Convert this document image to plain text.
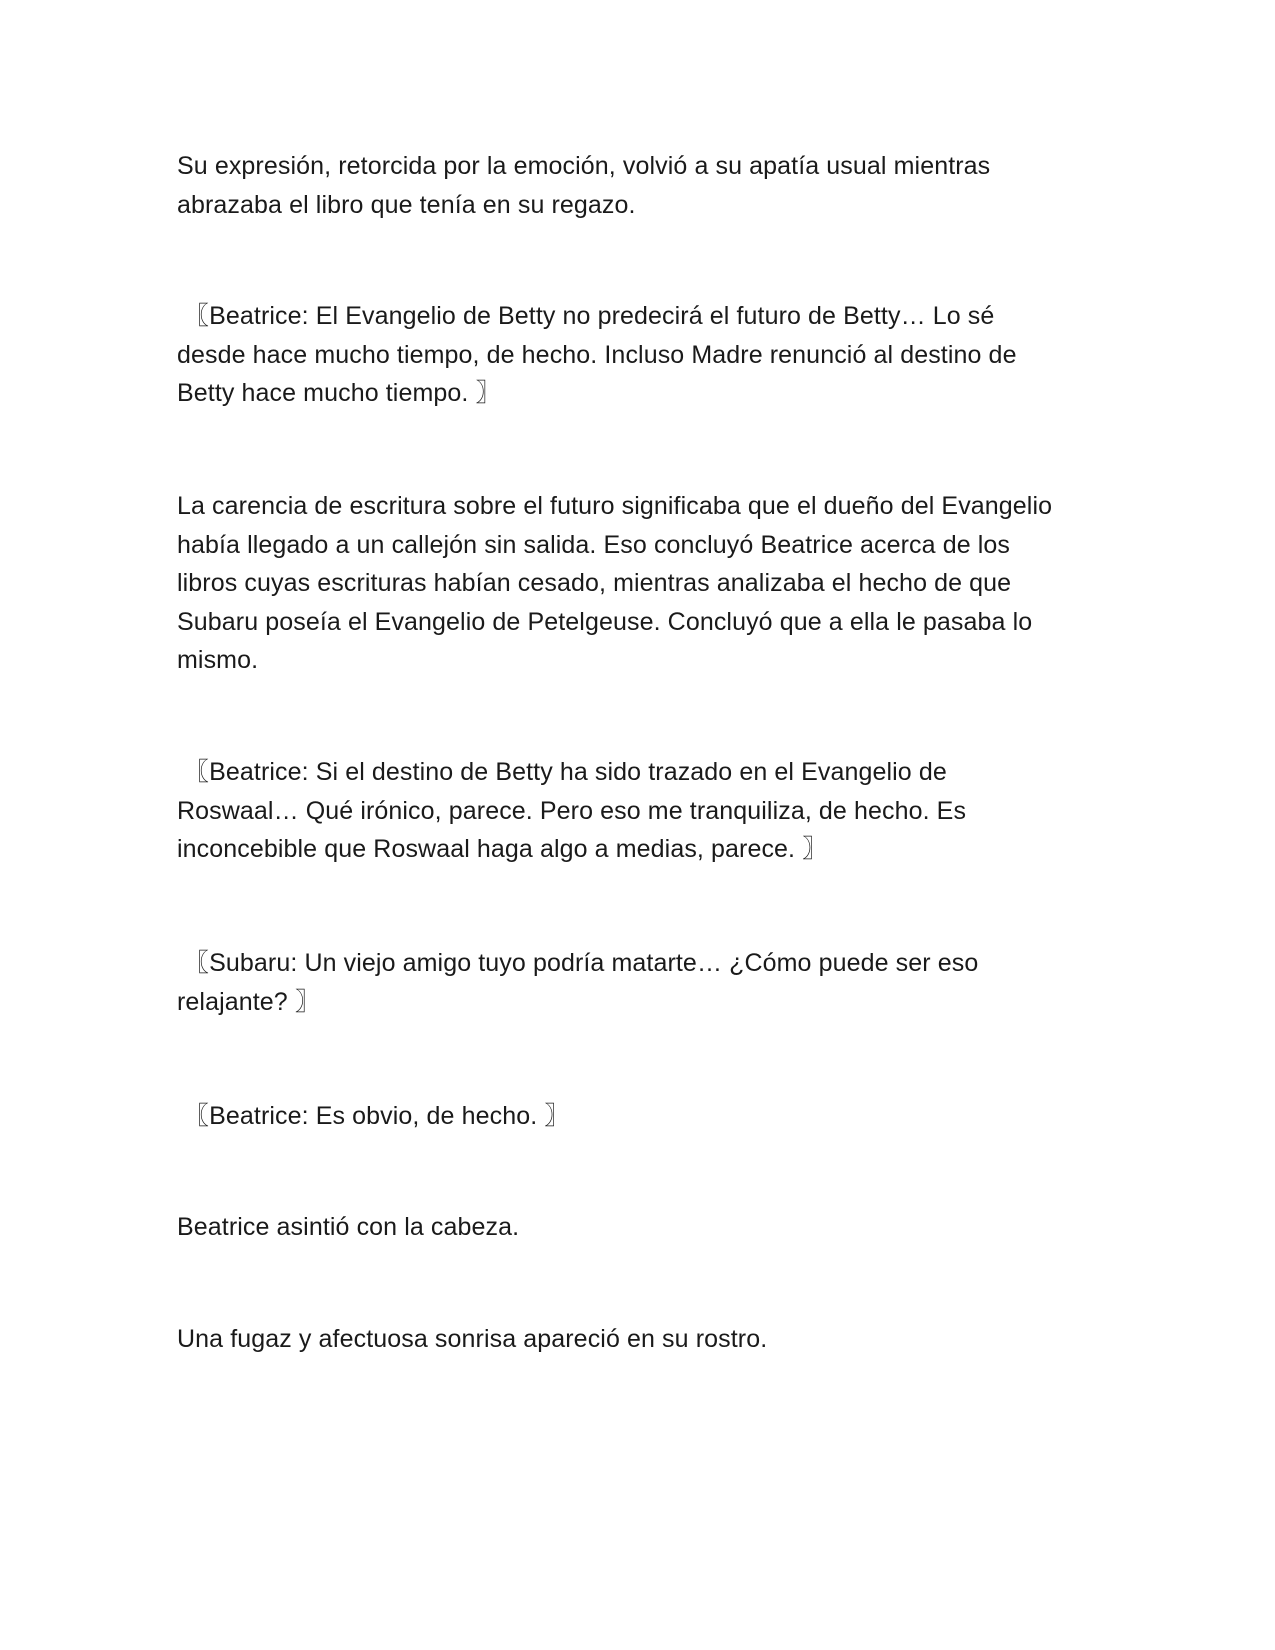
Su expresión, retorcida por la emoción, volvió a su apatía usual mientras
abrazaba el libro que tenía en su regazo.

〖Beatrice: El Evangelio de Betty no predecirá el futuro de Betty… Lo sé
desde hace mucho tiempo, de hecho. Incluso Madre renunció al destino de
Betty hace mucho tiempo. 〗

La carencia de escritura sobre el futuro significaba que el dueño del Evangelio
había llegado a un callejón sin salida. Eso concluyó Beatrice acerca de los
libros cuyas escrituras habían cesado, mientras analizaba el hecho de que
Subaru poseía el Evangelio de Petelgeuse. Concluyó que a ella le pasaba lo
mismo.

〖Beatrice: Si el destino de Betty ha sido trazado en el Evangelio de
Roswaal… Qué irónico, parece. Pero eso me tranquiliza, de hecho. Es
inconcebible que Roswaal haga algo a medias, parece. 〗

〖Subaru: Un viejo amigo tuyo podría matarte… ¿Cómo puede ser eso
relajante? 〗

〖Beatrice: Es obvio, de hecho. 〗

Beatrice asintió con la cabeza.

Una fugaz y afectuosa sonrisa apareció en su rostro.
